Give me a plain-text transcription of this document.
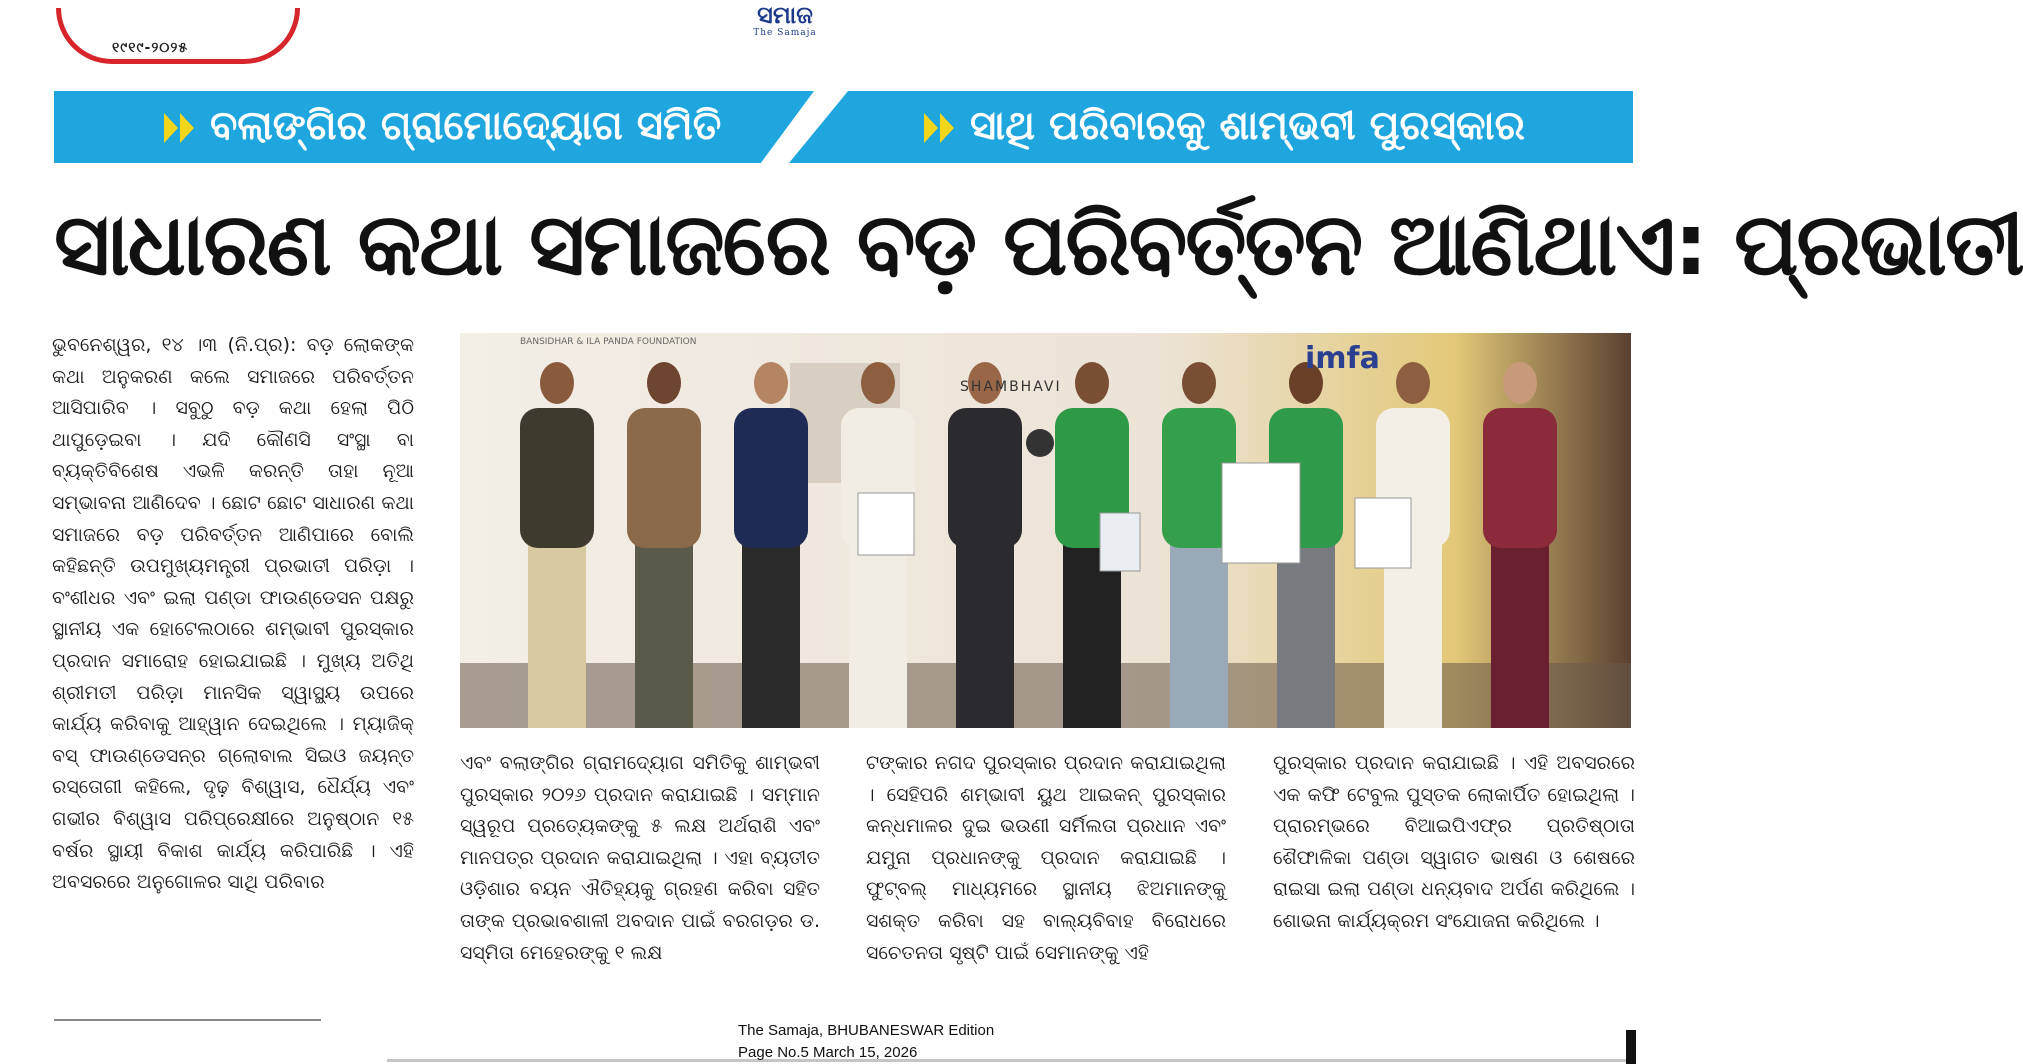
ସମାଜ
The Samaja
୧୯୧୯-୨୦୨୫
ବଲାଙ୍ଗିର ଗ୍ରାମୋଦ୍ୟୋଗ ସମିତି	ସାଥି ପରିବାରକୁ ଶାମ୍ଭବୀ ପୁରସ୍କାର
ସାଧାରଣ କଥା ସମାଜରେ ବଡ଼ ପରିବର୍ତ୍ତନ ଆଣିଥାଏ: ପ୍ରଭାତୀ
ଭୁବନେଶ୍ୱର, ୧୪ ।୩ (ନି.ପ୍ର): ବଡ଼ ଲୋକଙ୍କ କଥା ଅନୁକରଣ କଲେ ସମାଜରେ ପରିବର୍ତ୍ତନ ଆସିପାରିବ । ସବୁଠୁ ବଡ଼ କଥା ହେଲା ପିଠି ଥାପୁଡ଼େଇବା । ଯଦି କୌଣସି ସଂସ୍ଥା ବା ବ୍ୟକ୍ତିବିଶେଷ ଏଭଳି କରନ୍ତି ତାହା ନୂଆ ସମ୍ଭାବନା ଆଣିଦେବ । ଛୋଟ ଛୋଟ ସାଧାରଣ କଥା ସମାଜରେ ବଡ଼ ପରିବର୍ତ୍ତନ ଆଣିପାରେ ବୋଲି କହିଛନ୍ତି ଉପମୁଖ୍ୟମନ୍ତ୍ରୀ ପ୍ରଭାତୀ ପରିଡ଼ା । ବଂଶୀଧର ଏବଂ ଇଲା ପଣ୍ଡା ଫାଉଣ୍ଡେସନ ପକ୍ଷରୁ ସ୍ଥାନୀୟ ଏକ ହୋଟେଲଠାରେ ଶମ୍ଭାବୀ ପୁରସ୍କାର ପ୍ରଦାନ ସମାରୋହ ହୋଇଯାଇଛି । ମୁଖ୍ୟ ଅତିଥି ଶ୍ରୀମତୀ ପରିଡ଼ା ମାନସିକ ସ୍ୱାସ୍ଥ୍ୟ ଉପରେ କାର୍ଯ୍ୟ କରିବାକୁ ଆହ୍ୱାନ ଦେଇଥିଲେ । ମ୍ୟାଜିକ୍ ବସ୍ ଫାଉଣ୍ଡେସନ୍‌ର ଗ୍ଲୋବାଲ ସିଇଓ ଜୟନ୍ତ ରସ୍ତୋଗୀ କହିଲେ, ଦୃଢ଼ ବିଶ୍ୱାସ, ଧୈର୍ଯ୍ୟ ଏବଂ ଗଭୀର ବିଶ୍ୱାସ ପରିପ୍ରେକ୍ଷୀରେ ଅନୁଷ୍ଠାନ ୧୫ ବର୍ଷର ସ୍ଥାୟୀ ବିକାଶ କାର୍ଯ୍ୟ କରିପାରିଛି । ଏହି ଅବସରରେ ଅନୁଗୋଳର ସାଥି ପରିବାର
BANSIDHAR & ILA PANDA FOUNDATION	imfa
SHAMBHAVI
ଏବଂ ବଲାଙ୍ଗିର ଗ୍ରାମଦ୍ୟୋଗ ସମିତିକୁ ଶାମ୍ଭବୀ ପୁରସ୍କାର ୨୦୨୬ ପ୍ରଦାନ କରାଯାଇଛି । ସମ୍ମାନ ସ୍ୱରୂପ ପ୍ରତ୍ୟେକଙ୍କୁ ୫ ଲକ୍ଷ ଅର୍ଥରାଶି ଏବଂ ମାନପତ୍ର ପ୍ରଦାନ କରାଯାଇଥିଲା । ଏହା ବ୍ୟତୀତ ଓଡ଼ିଶାର ବୟନ ଐତିହ୍ୟକୁ ଗ୍ରହଣ କରିବା ସହିତ ତାଙ୍କ ପ୍ରଭାବଶାଳୀ ଅବଦାନ ପାଇଁ ବରଗଡ଼ର ଡ. ସସ୍ମିତା ମେହେରଙ୍କୁ ୧ ଲକ୍ଷ
ଟଙ୍କାର ନଗଦ ପୁରସ୍କାର ପ୍ରଦାନ କରାଯାଇଥିଲା । ସେହିପରି ଶମ୍ଭାବୀ ୟୁଥ ଆଇକନ୍ ପୁରସ୍କାର କନ୍ଧମାଳର ଦୁଇ ଭଉଣୀ ସର୍ମିଲତା ପ୍ରଧାନ ଏବଂ ଯମୁନା ପ୍ରଧାନଙ୍କୁ ପ୍ରଦାନ କରାଯାଇଛି । ଫୁଟ୍‌ବଲ୍ ମାଧ୍ୟମରେ ସ୍ଥାନୀୟ ଝିଅମାନଙ୍କୁ ସଶକ୍ତ କରିବା ସହ ବାଲ୍ୟବିବାହ ବିରୋଧରେ ସଚେତନତା ସୃଷ୍ଟି ପାଇଁ ସେମାନଙ୍କୁ ଏହି
ପୁରସ୍କାର ପ୍ରଦାନ କରାଯାଇଛି । ଏହି ଅବସରରେ ଏକ କଫି ଟେବୁଲ ପୁସ୍ତକ ଲୋକାର୍ପିତ ହୋଇଥିଲା । ପ୍ରାରମ୍ଭରେ ବିଆଇପିଏଫ୍‌ର ପ୍ରତିଷ୍ଠାତା ଶୈଫାଳିକା ପଣ୍ଡା ସ୍ୱାଗତ ଭାଷଣ ଓ ଶେଷରେ ରାଇସା ଇଲା ପଣ୍ଡା ଧନ୍ୟବାଦ ଅର୍ପଣ କରିଥିଲେ । ଶୋଭନା କାର୍ଯ୍ୟକ୍ରମ ସଂଯୋଜନା କରିଥିଲେ ।
The Samaja, BHUBANESWAR Edition
Page No.5 March 15, 2026
